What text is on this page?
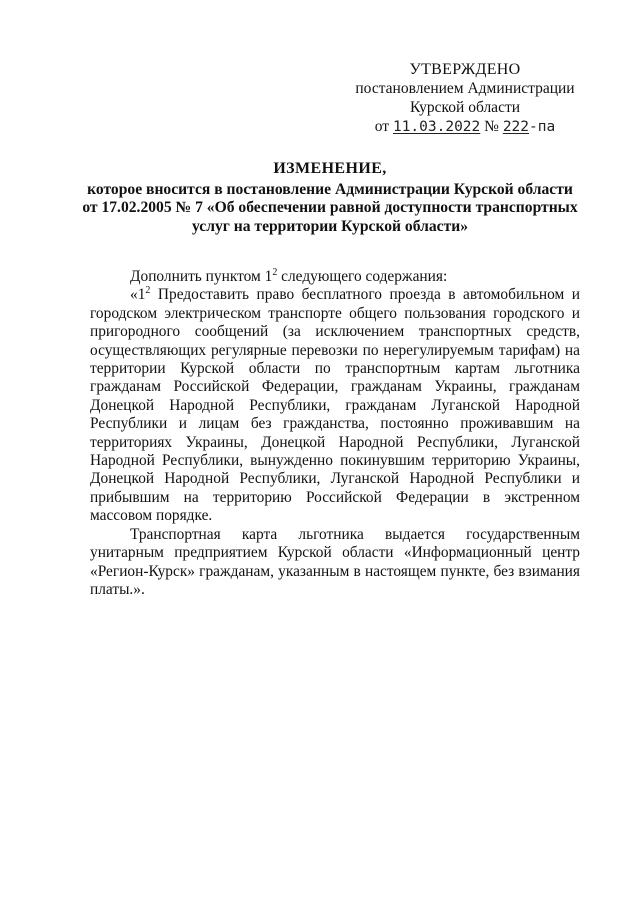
УТВЕРЖДЕНО
постановлением Администрации
Курской области
от 11.03.2022 № 222-па
ИЗМЕНЕНИЕ,
которое вносится в постановление Администрации Курской области
от 17.02.2005 № 7 «Об обеспечении равной доступности транспортных
услуг на территории Курской области»

Дополнить пунктом $1^2$ следующего содержания:

«$1^2$ Предоставить право бесплатного проезда в автомобильном и городском электрическом транспорте общего пользования городского и пригородного сообщений (за исключением транспортных средств, осуществляющих регулярные перевозки по нерегулируемым тарифам) на территории Курской области по транспортным картам льготника гражданам Российской Федерации, гражданам Украины, гражданам Донецкой Народной Республики, гражданам Луганской Народной Республики и лицам без гражданства, постоянно проживавшим на территориях Украины, Донецкой Народной Республики, Луганской Народной Республики, вынужденно покинувшим территорию Украины, Донецкой Народной Республики, Луганской Народной Республики и прибывшим на территорию Российской Федерации в экстренном массовом порядке.

Транспортная карта льготника выдается государственным унитарным предприятием Курской области «Информационный центр «Регион-Курск» гражданам, указанным в настоящем пункте, без взимания платы.».
